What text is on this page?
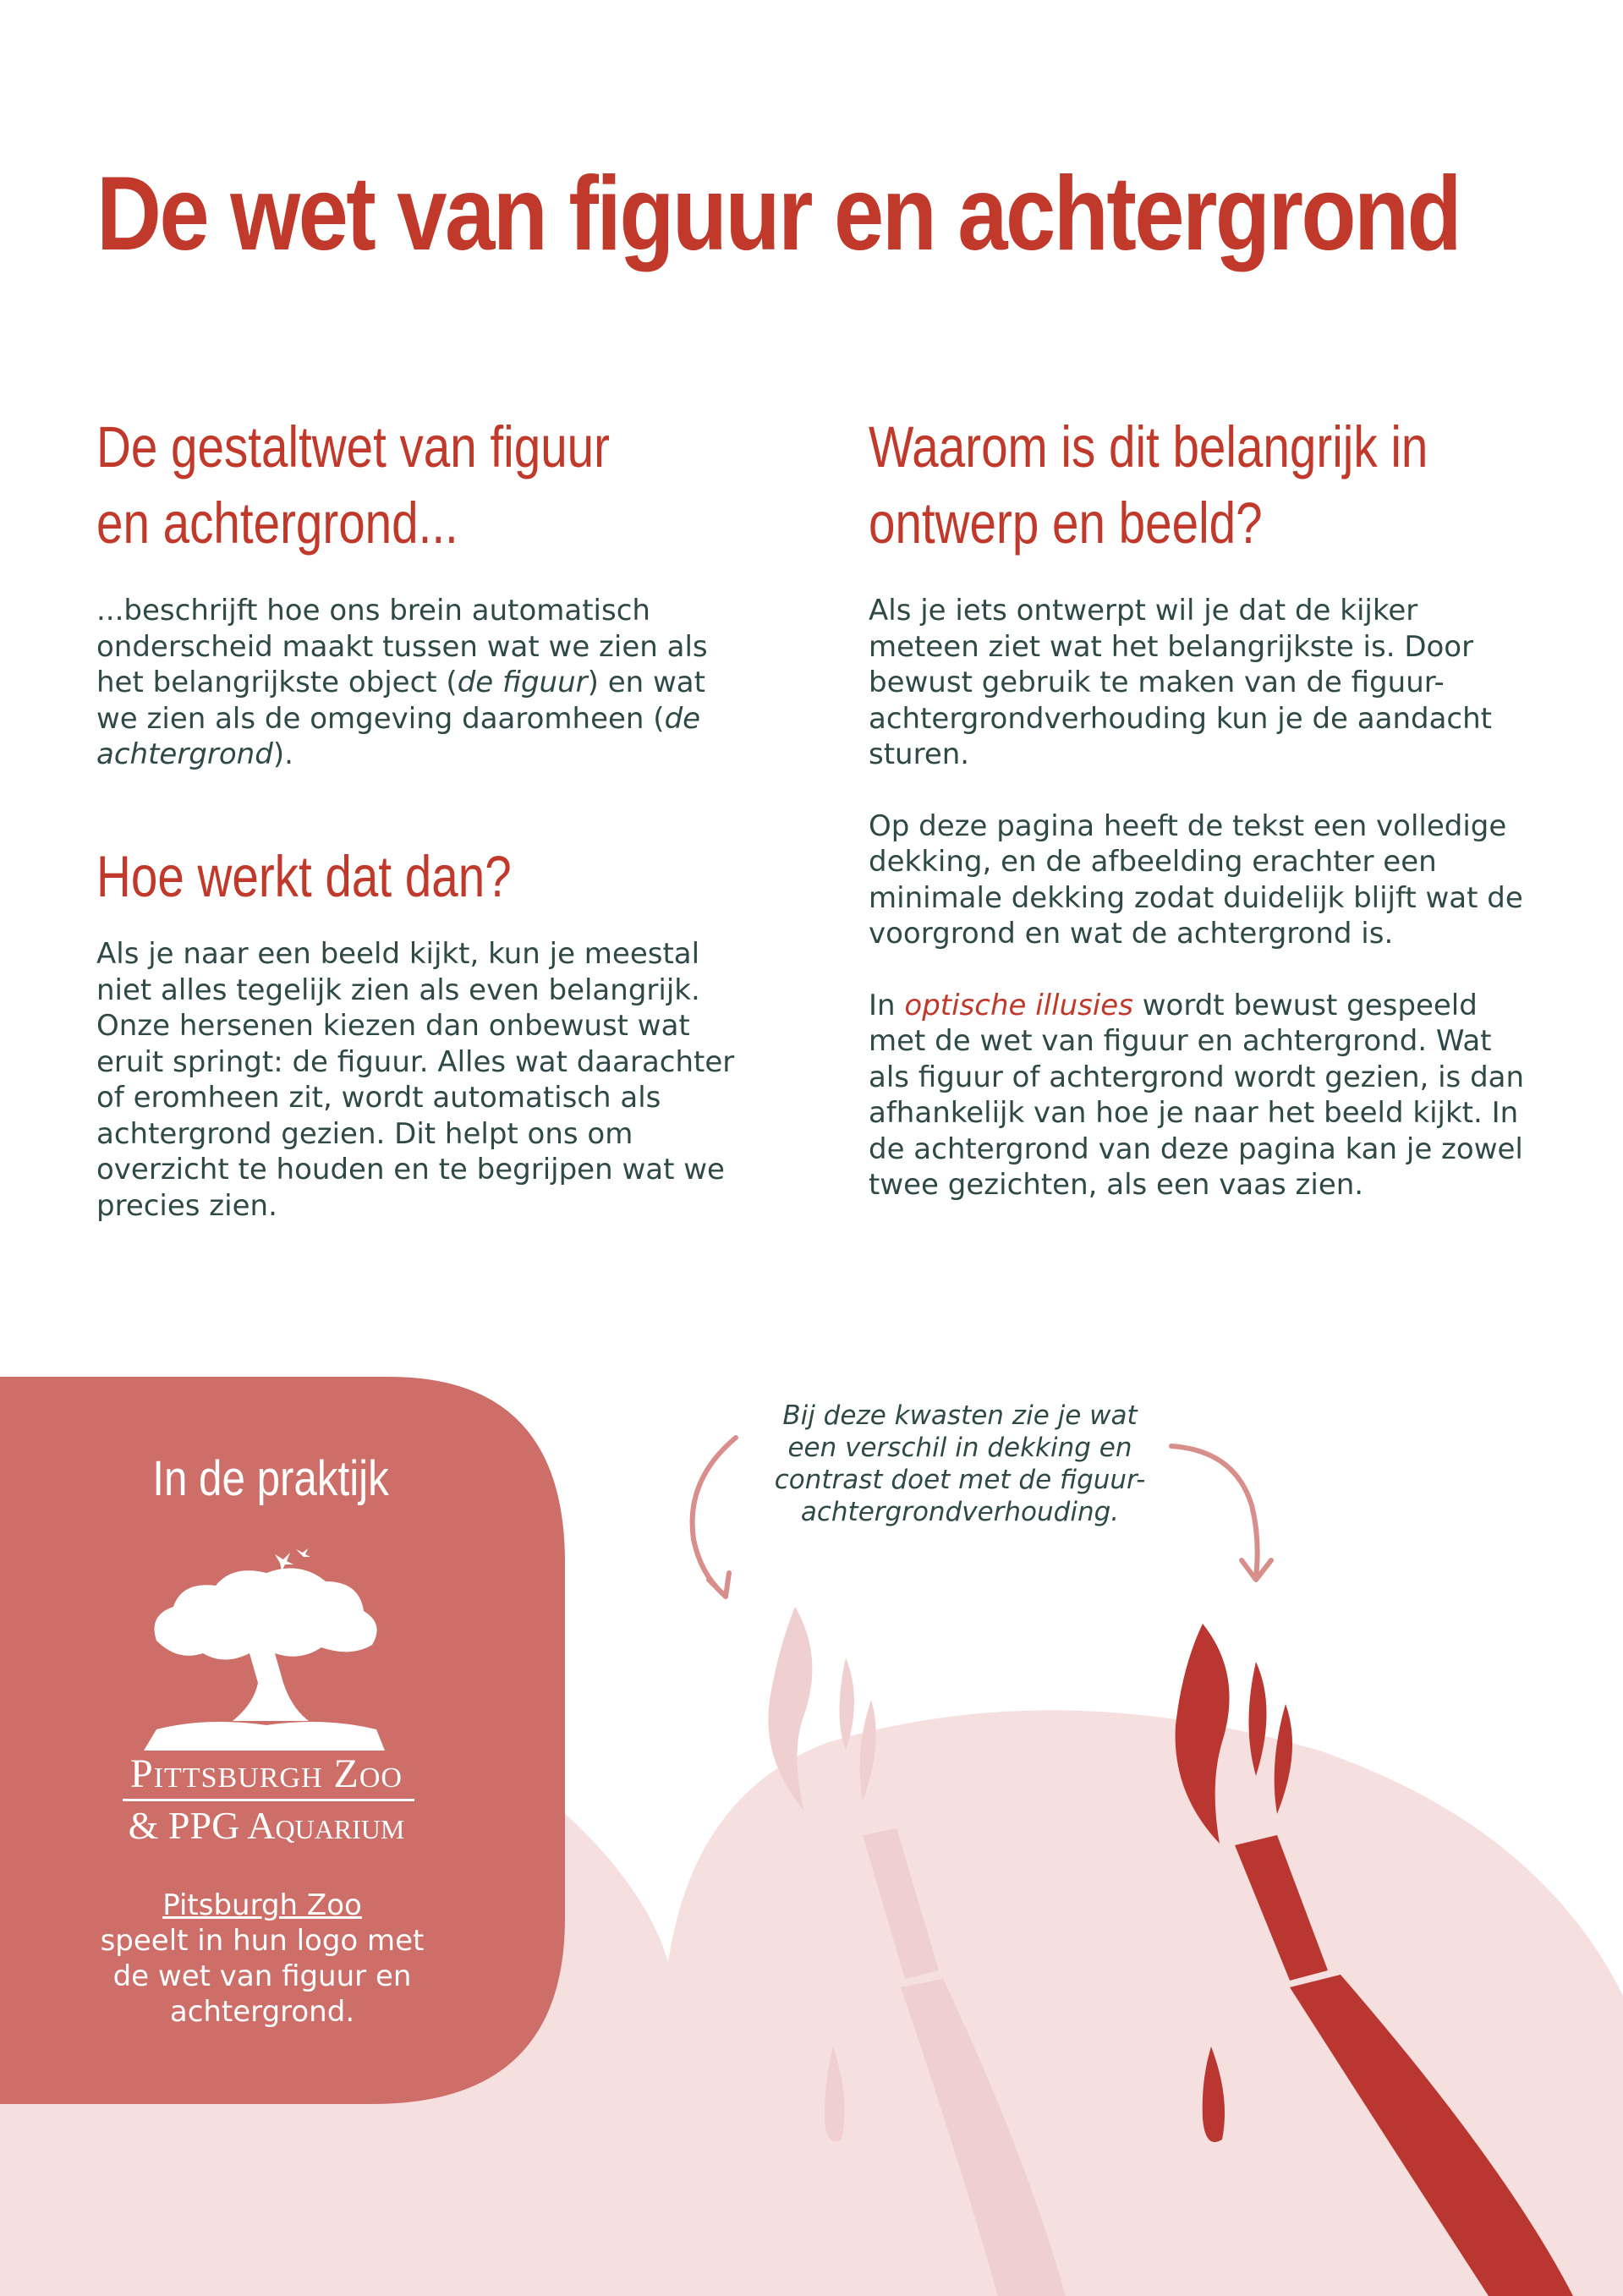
De wet van figuur en achtergrond
De gestaltwet van figuur
en achtergrond...
...beschrijft hoe ons brein automatisch onderscheid maakt tussen wat we zien als het belangrijkste object (de figuur) en wat we zien als de omgeving daaromheen (de achtergrond).
Hoe werkt dat dan?
Als je naar een beeld kijkt, kun je meestal niet alles tegelijk zien als even belangrijk. Onze hersenen kiezen dan onbewust wat eruit springt: de figuur. Alles wat daarachter of eromheen zit, wordt automatisch als achtergrond gezien. Dit helpt ons om overzicht te houden en te begrijpen wat we precies zien.
Waarom is dit belangrijk in
ontwerp en beeld?

Als je iets ontwerpt wil je dat de kijker meteen ziet wat het belangrijkste is. Door bewust gebruik te maken van de figuur-achtergrondverhouding kun je de aandacht sturen.

Op deze pagina heeft de tekst een volledige dekking, en de afbeelding erachter een minimale dekking zodat duidelijk blijft wat de voorgrond en wat de achtergrond is.

In optische illusies wordt bewust gespeeld met de wet van figuur en achtergrond. Wat als figuur of achtergrond wordt gezien, is dan afhankelijk van hoe je naar het beeld kijkt. In de achtergrond van deze pagina kan je zowel twee gezichten, als een vaas zien.

In de praktijk
Pittsburgh Zoo
& PPG Aquarium
Pitsburgh Zoo
speelt in hun logo met de wet van figuur en achtergrond.
Bij deze kwasten zie je wat een verschil in dekking en contrast doet met de figuur-achtergrondverhouding.
